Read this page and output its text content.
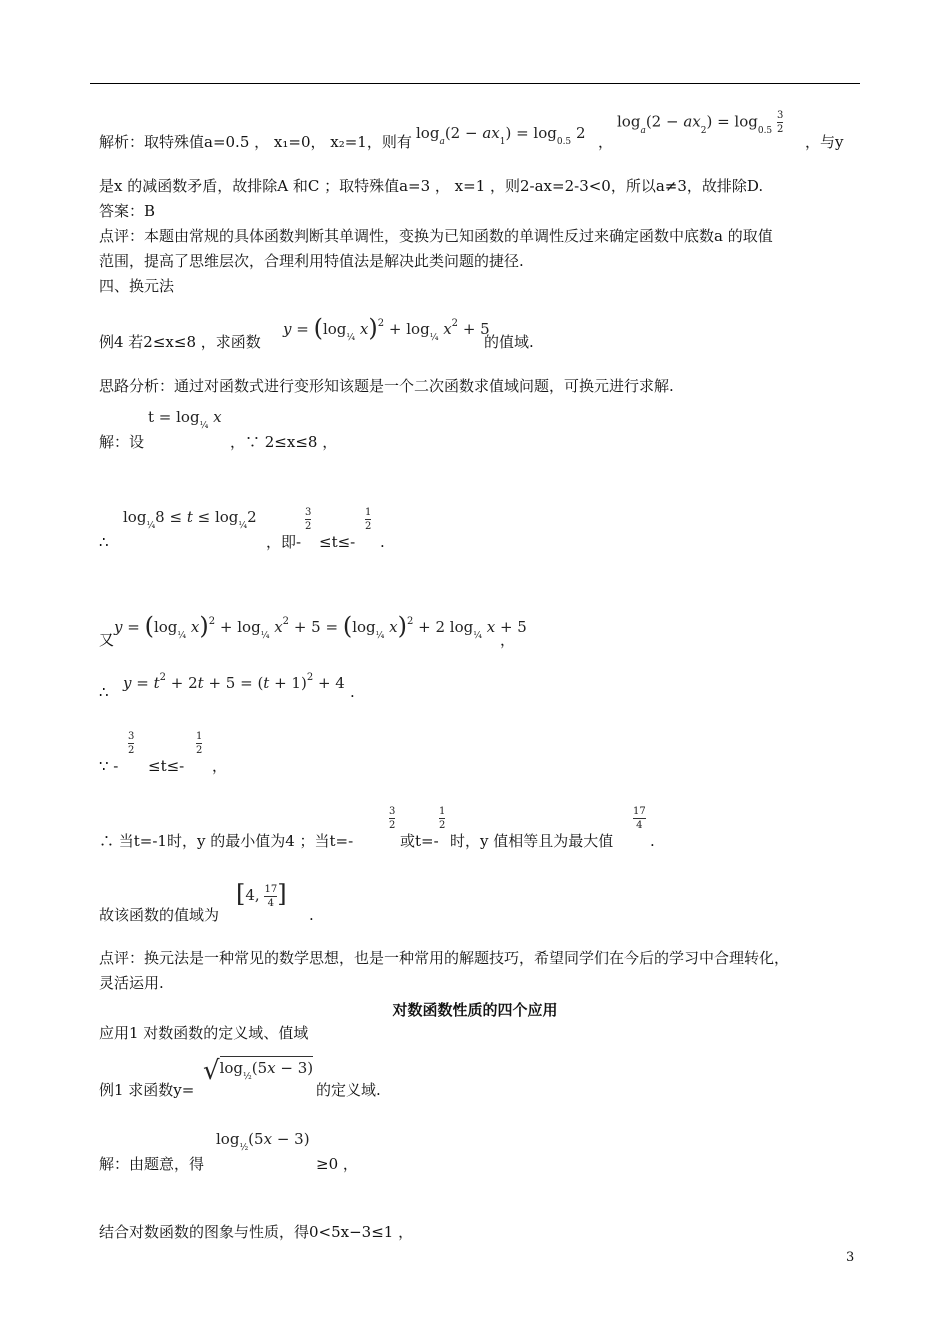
解析：取特殊值a=0.5 ， x₁=0， x₂=1，则有 $\log_a(2 - ax_1) = \log_{0.5} 2$ ，
$\log_a(2 - ax_2) = \log_{0.5} \frac{3}{2}$
，与y
是x 的减函数矛盾，故排除A 和C ；取特殊值a=3 ， x=1 ，则2-ax=2-3<0，所以a≠3，故排除D.
答案：B
点评：本题由常规的具体函数判断其单调性，变换为已知函数的单调性反过来确定函数中底数a 的取值
范围，提高了思维层次，合理利用特值法是解决此类问题的捷径.
四、换元法
例4 若2≤x≤8 ，求函数
$y = (\log_{\frac{1}{4}}$ $x)^2 + \log_{\frac{1}{4}} x^2 + 5$
的值域.
思路分析：通过对函数式进行变形知该题是一个二次函数求值域问题，可换元进行求解.
$t = \log_{\frac{1}{4}} x$
解：设	，∵ 2≤x≤8 ，
∴
$\log_{\frac{1}{4}}8 \le t \le \log_{\frac{1}{4}}2$
，即-
$\frac{3}{2}$
≤t≤-
$\frac{1}{2}$
.
又
$y = (\log_{\frac{1}{4}}$ $x)^2 + \log_{\frac{1}{4}} x^2 + 5 = (\log_{\frac{1}{4}}$ x)$^2$ + 2 $\log_{\frac{1}{4}} x + 5$
，
∴ $y = t^2 + 2t + 5 = (t + 1)^2 + 4$ .
∵ -
$\frac{3}{2}$
≤t≤-
$\frac{1}{2}$
，
∴ 当t=-1时，y 的最小值为4 ；当t=-
$\frac{3}{2}$
或t=-
$\frac{1}{2}$
时，y 值相等且为最大值
$\frac{17}{4}$
.
故该函数的值域为
[4, $\frac{17}{4}$ ]
.
点评：换元法是一种常见的数学思想，也是一种常用的解题技巧，希望同学们在今后的学习中合理转化，
灵活运用.
对数函数性质的四个应用
应用1 对数函数的定义域、值域
例1 求函数y=
$√\log_{\frac{1}{2}}(5x - 3)$
的定义域.
$\log_{\frac{1}{2}}(5x - 3)$
解：由题意，得	≥0 ，
结合对数函数的图象与性质，得0<5x−3≤1 ，
3
